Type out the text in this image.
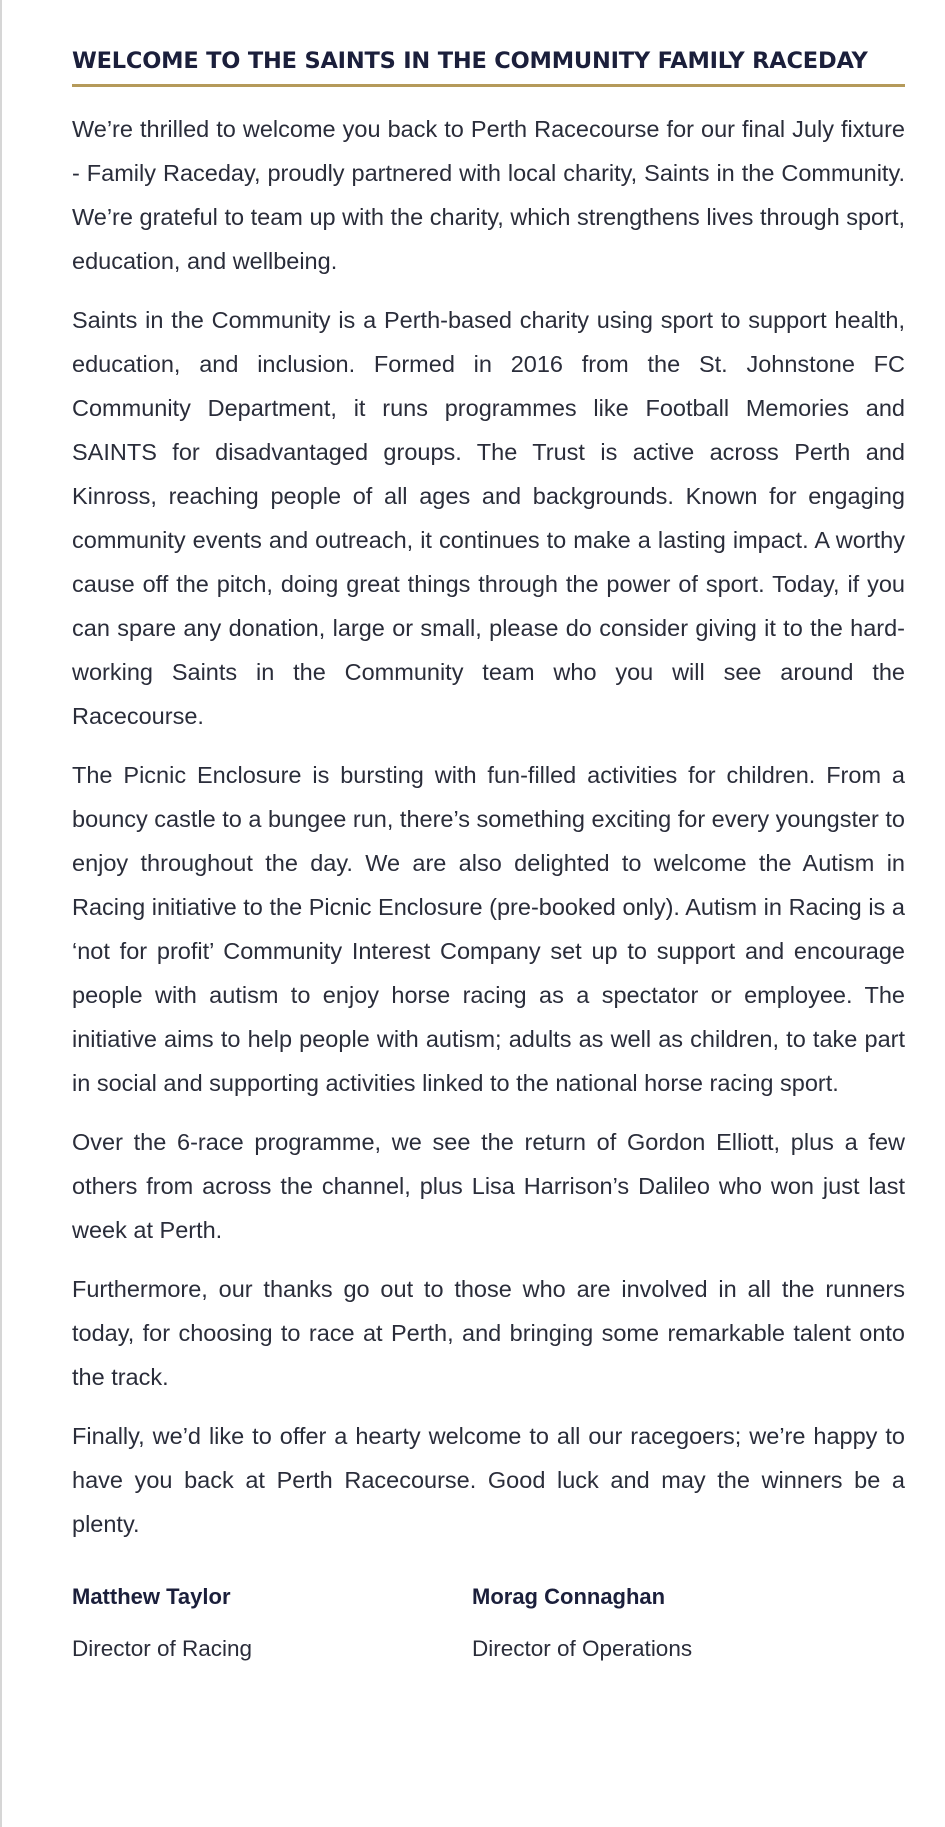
WELCOME TO THE SAINTS IN THE COMMUNITY FAMILY RACEDAY

We’re thrilled to welcome you back to Perth Racecourse for our final July fixture - Family Raceday, proudly partnered with local charity, Saints in the Community. We’re grateful to team up with the charity, which strengthens lives through sport, education, and wellbeing.

Saints in the Community is a Perth-based charity using sport to support health, education, and inclusion. Formed in 2016 from the St. Johnstone FC Community Department, it runs programmes like Football Memories and SAINTS for disadvantaged groups. The Trust is active across Perth and Kinross, reaching people of all ages and backgrounds. Known for engaging community events and outreach, it continues to make a lasting impact. A worthy cause off the pitch, doing great things through the power of sport. Today, if you can spare any donation, large or small, please do consider giving it to the hard-working Saints in the Community team who you will see around the Racecourse.

The Picnic Enclosure is bursting with fun-filled activities for children. From a bouncy castle to a bungee run, there’s something exciting for every youngster to enjoy throughout the day. We are also delighted to welcome the Autism in Racing initiative to the Picnic Enclosure (pre-booked only). Autism in Racing is a ‘not for profit’ Community Interest Company set up to support and encourage people with autism to enjoy horse racing as a spectator or employee. The initiative aims to help people with autism; adults as well as children, to take part in social and supporting activities linked to the national horse racing sport.

Over the 6-race programme, we see the return of Gordon Elliott, plus a few others from across the channel, plus Lisa Harrison’s Dalileo who won just last week at Perth.

Furthermore, our thanks go out to those who are involved in all the runners today, for choosing to race at Perth, and bringing some remarkable talent onto the track.

Finally, we’d like to offer a hearty welcome to all our racegoers; we’re happy to have you back at Perth Racecourse. Good luck and may the winners be a plenty.

Matthew Taylor
Director of Racing
Morag Connaghan
Director of Operations
